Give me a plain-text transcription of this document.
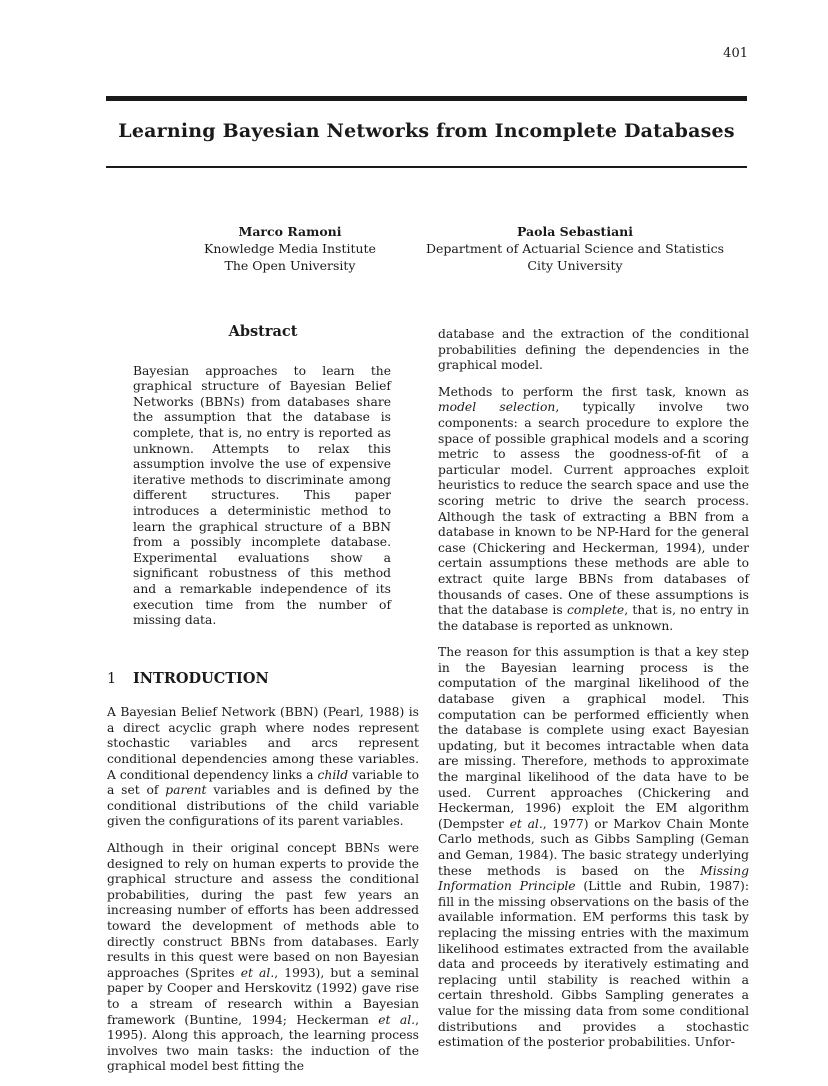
401
Learning Bayesian Networks from Incomplete Databases
Marco Ramoni
Knowledge Media Institute
The Open University
Paola Sebastiani
Department of Actuarial Science and Statistics
City University
Abstract
Bayesian approaches to learn the graphical structure of Bayesian Belief Networks (BBNs) from databases share the assumption that the database is complete, that is, no entry is reported as unknown. Attempts to relax this assumption involve the use of expensive iterative methods to discriminate among different structures. This paper introduces a deterministic method to learn the graphical structure of a BBN from a possibly incomplete database. Experimental evaluations show a significant robustness of this method and a remarkable independence of its execution time from the number of missing data.
1 INTRODUCTION

A Bayesian Belief Network (BBN) (Pearl, 1988) is a direct acyclic graph where nodes represent stochastic variables and arcs represent conditional dependencies among these variables. A conditional dependency links a child variable to a set of parent variables and is defined by the conditional distributions of the child variable given the configurations of its parent variables.

Although in their original concept BBNs were designed to rely on human experts to provide the graphical structure and assess the conditional probabilities, during the past few years an increasing number of efforts has been addressed toward the development of methods able to directly construct BBNs from databases. Early results in this quest were based on non Bayesian approaches (Sprites et al., 1993), but a seminal paper by Cooper and Herskovitz (1992) gave rise to a stream of research within a Bayesian framework (Buntine, 1994; Heckerman et al., 1995). Along this approach, the learning process involves two main tasks: the induction of the graphical model best fitting the

database and the extraction of the conditional probabilities defining the dependencies in the graphical model.

Methods to perform the first task, known as model selection, typically involve two components: a search procedure to explore the space of possible graphical models and a scoring metric to assess the goodness-of-fit of a particular model. Current approaches exploit heuristics to reduce the search space and use the scoring metric to drive the search process. Although the task of extracting a BBN from a database in known to be NP-Hard for the general case (Chickering and Heckerman, 1994), under certain assumptions these methods are able to extract quite large BBNs from databases of thousands of cases. One of these assumptions is that the database is complete, that is, no entry in the database is reported as unknown.

The reason for this assumption is that a key step in the Bayesian learning process is the computation of the marginal likelihood of the database given a graphical model. This computation can be performed efficiently when the database is complete using exact Bayesian updating, but it becomes intractable when data are missing. Therefore, methods to approximate the marginal likelihood of the data have to be used. Current approaches (Chickering and Heckerman, 1996) exploit the EM algorithm (Dempster et al., 1977) or Markov Chain Monte Carlo methods, such as Gibbs Sampling (Geman and Geman, 1984). The basic strategy underlying these methods is based on the Missing Information Principle (Little and Rubin, 1987): fill in the missing observations on the basis of the available information. EM performs this task by replacing the missing entries with the maximum likelihood estimates extracted from the available data and proceeds by iteratively estimating and replacing until stability is reached within a certain threshold. Gibbs Sampling generates a value for the missing data from some conditional distributions and provides a stochastic estimation of the posterior probabilities. Unfor-
